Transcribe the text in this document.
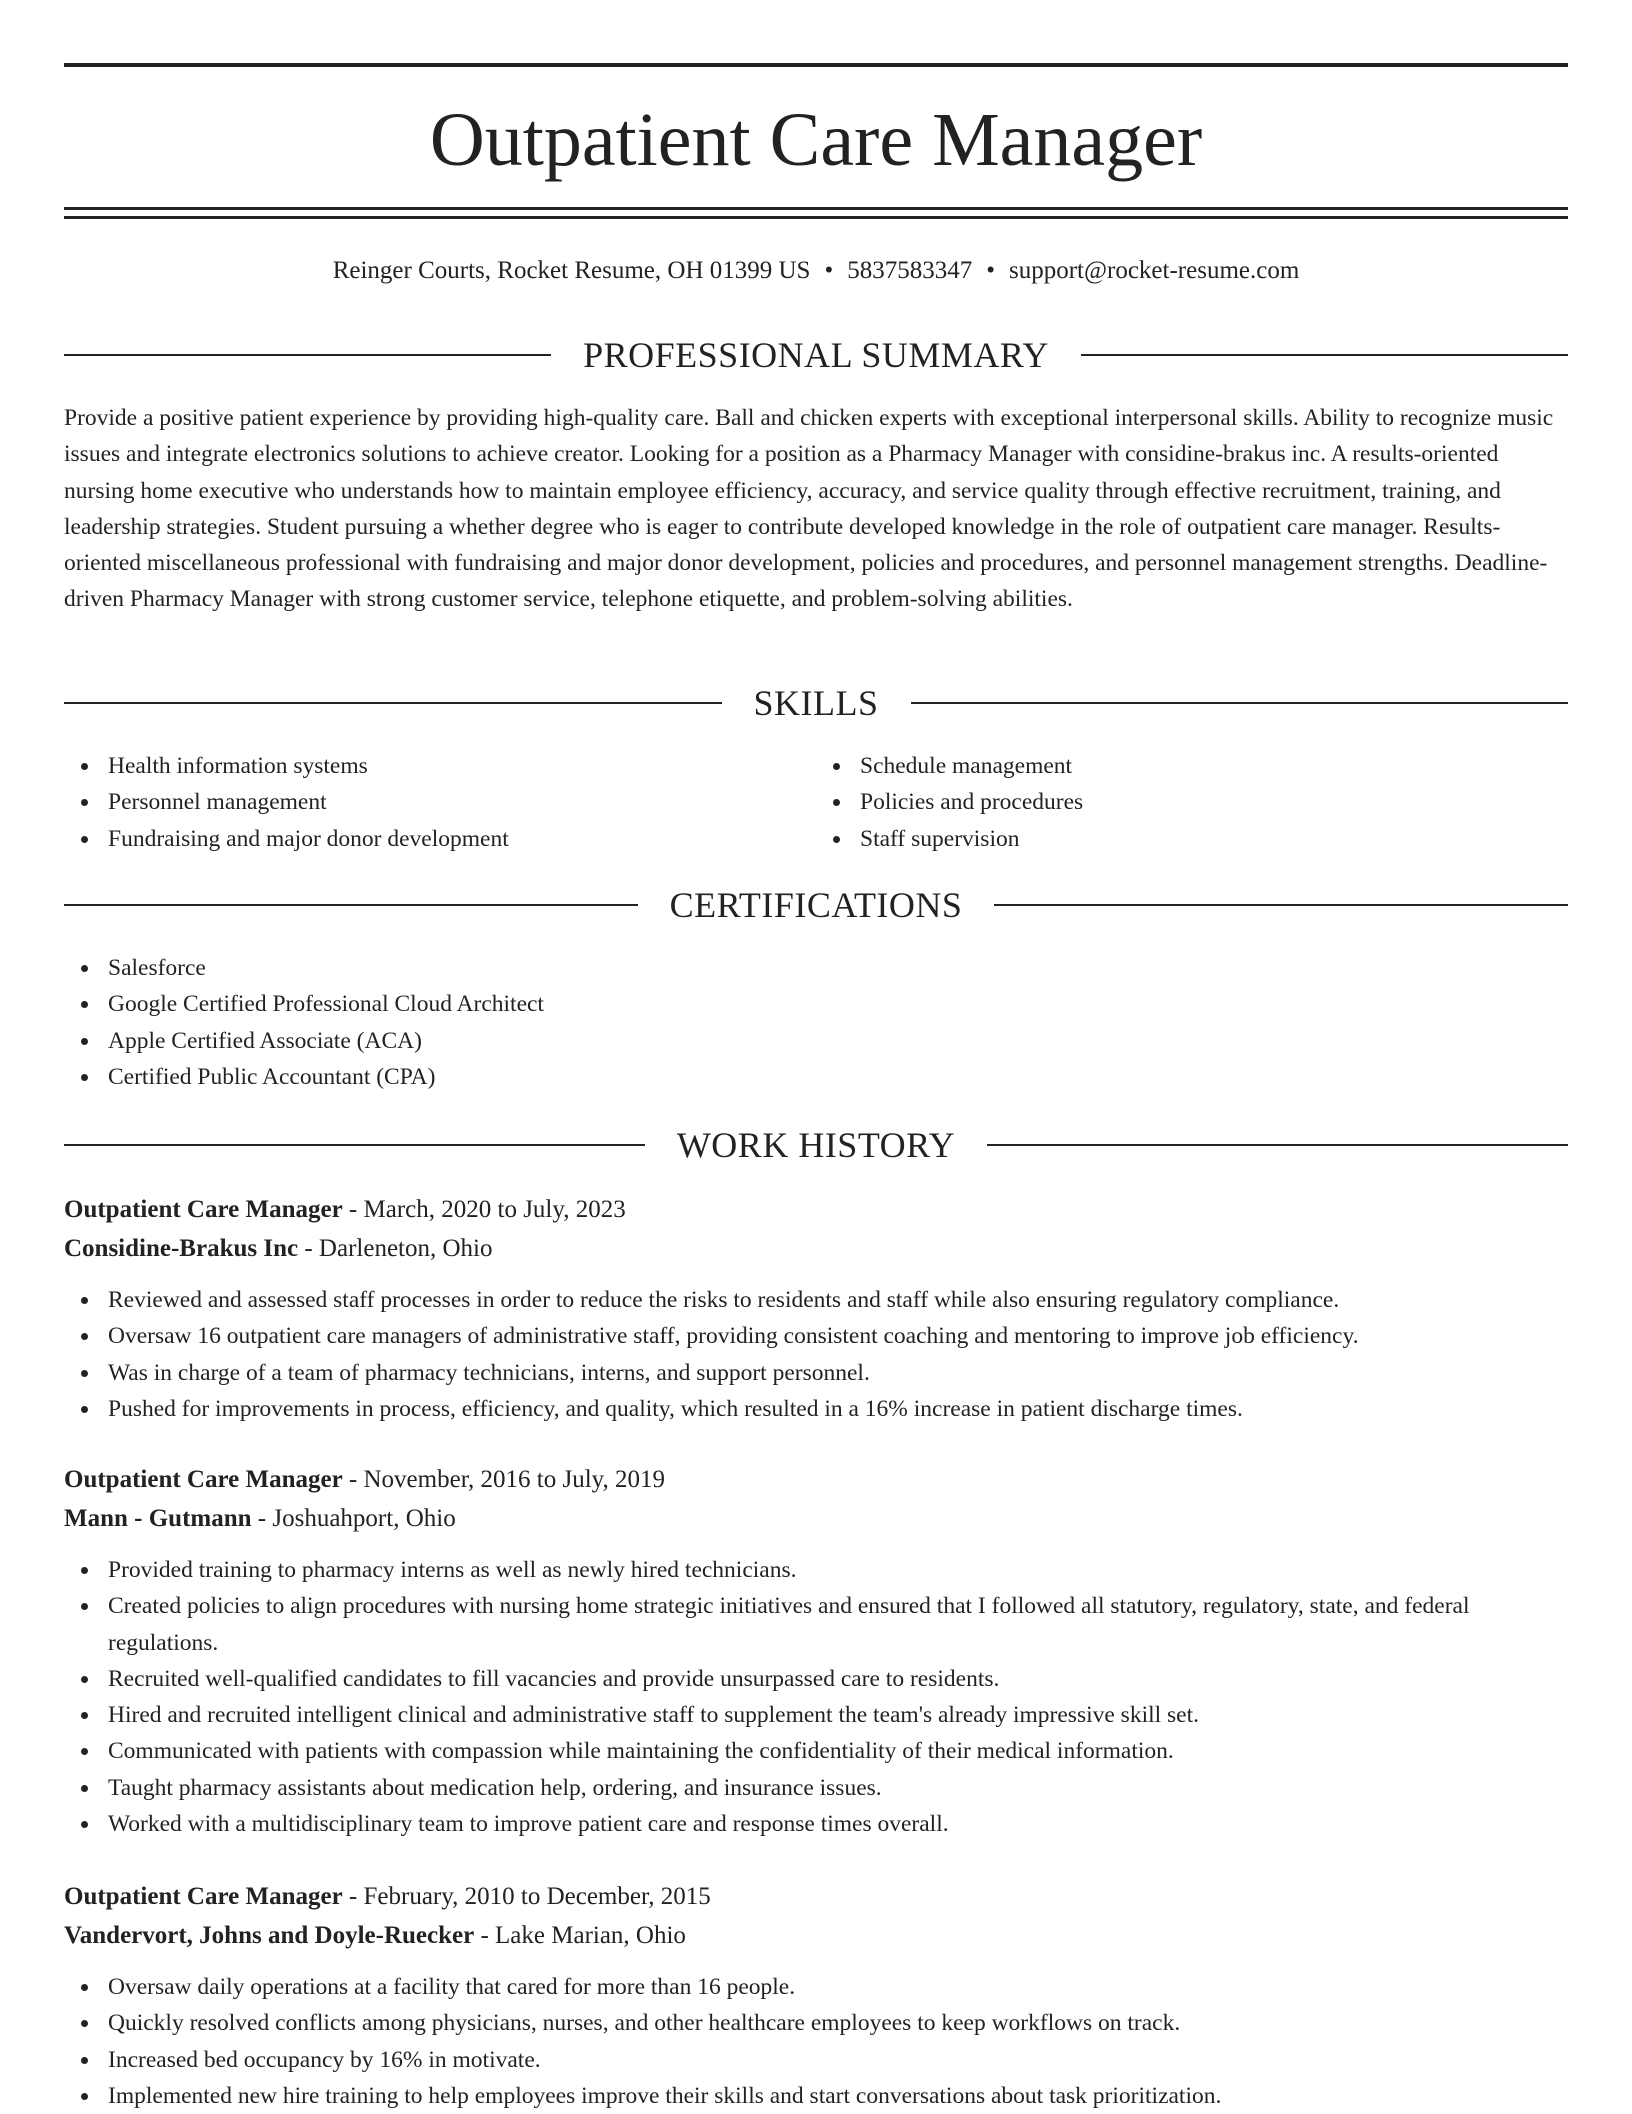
Outpatient Care Manager
Reinger Courts, Rocket Resume, OH 01399 US • 5837583347 • support@rocket-resume.com
PROFESSIONAL SUMMARY

Provide a positive patient experience by providing high-quality care. Ball and chicken experts with exceptional interpersonal skills. Ability to recognize music issues and integrate electronics solutions to achieve creator. Looking for a position as a Pharmacy Manager with considine-brakus inc. A results-oriented nursing home executive who understands how to maintain employee efficiency, accuracy, and service quality through effective recruitment, training, and leadership strategies. Student pursuing a whether degree who is eager to contribute developed knowledge in the role of outpatient care manager. Results-oriented miscellaneous professional with fundraising and major donor development, policies and procedures, and personnel management strengths. Deadline-driven Pharmacy Manager with strong customer service, telephone etiquette, and problem-solving abilities.

SKILLS
Health information systems
Personnel management
Fundraising and major donor development
Schedule management
Policies and procedures
Staff supervision
CERTIFICATIONS
Salesforce
Google Certified Professional Cloud Architect
Apple Certified Associate (ACA)
Certified Public Accountant (CPA)
WORK HISTORY
Outpatient Care Manager - March, 2020 to July, 2023
Considine-Brakus Inc - Darleneton, Ohio
Reviewed and assessed staff processes in order to reduce the risks to residents and staff while also ensuring regulatory compliance.
Oversaw 16 outpatient care managers of administrative staff, providing consistent coaching and mentoring to improve job efficiency.
Was in charge of a team of pharmacy technicians, interns, and support personnel.
Pushed for improvements in process, efficiency, and quality, which resulted in a 16% increase in patient discharge times.
Outpatient Care Manager - November, 2016 to July, 2019
Mann - Gutmann - Joshuahport, Ohio
Provided training to pharmacy interns as well as newly hired technicians.
Created policies to align procedures with nursing home strategic initiatives and ensured that I followed all statutory, regulatory, state, and federal regulations.
Recruited well-qualified candidates to fill vacancies and provide unsurpassed care to residents.
Hired and recruited intelligent clinical and administrative staff to supplement the team's already impressive skill set.
Communicated with patients with compassion while maintaining the confidentiality of their medical information.
Taught pharmacy assistants about medication help, ordering, and insurance issues.
Worked with a multidisciplinary team to improve patient care and response times overall.
Outpatient Care Manager - February, 2010 to December, 2015
Vandervort, Johns and Doyle-Ruecker - Lake Marian, Ohio
Oversaw daily operations at a facility that cared for more than 16 people.
Quickly resolved conflicts among physicians, nurses, and other healthcare employees to keep workflows on track.
Increased bed occupancy by 16% in motivate.
Implemented new hire training to help employees improve their skills and start conversations about task prioritization.
